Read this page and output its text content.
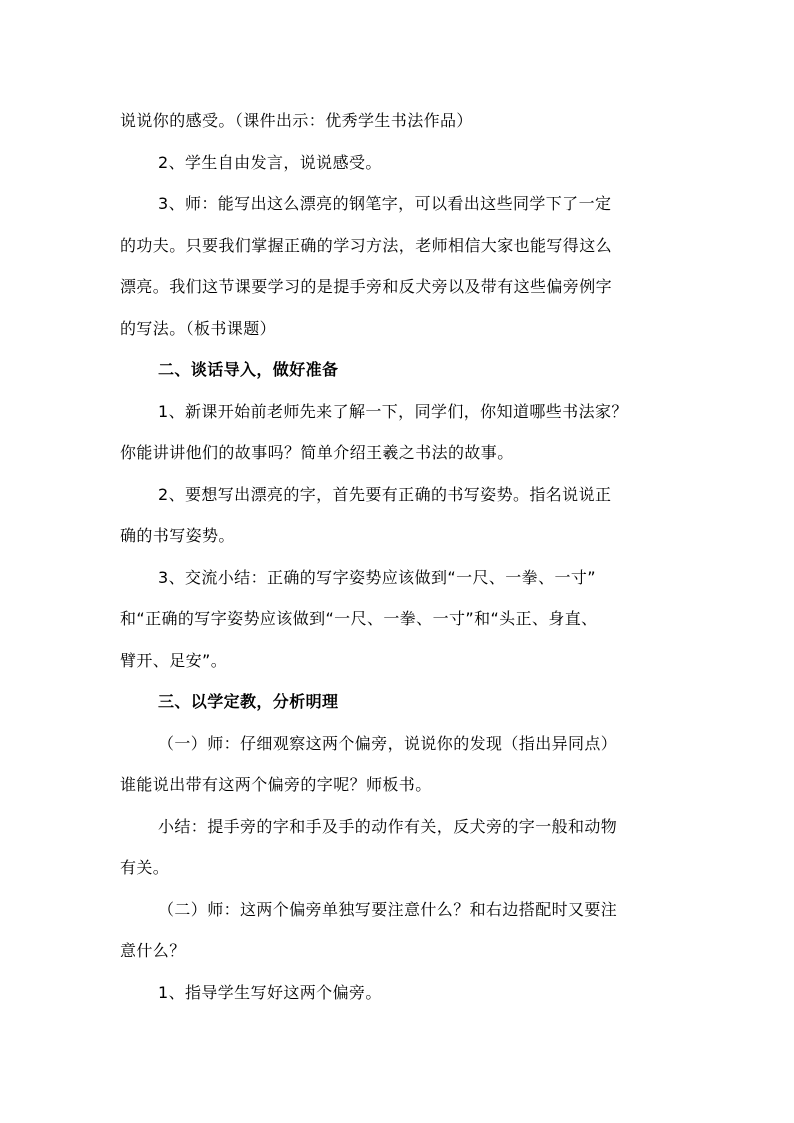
说说你的感受。（课件出示：优秀学生书法作品）
2、学生自由发言，说说感受。
3、师：能写出这么漂亮的钢笔字，可以看出这些同学下了一定
的功夫。只要我们掌握正确的学习方法，老师相信大家也能写得这么
漂亮。我们这节课要学习的是提手旁和反犬旁以及带有这些偏旁例字
的写法。（板书课题）
二、谈话导入，做好准备
1、新课开始前老师先来了解一下，同学们，你知道哪些书法家？
你能讲讲他们的故事吗？简单介绍王羲之书法的故事。
2、要想写出漂亮的字，首先要有正确的书写姿势。指名说说正
确的书写姿势。
3、交流小结：正确的写字姿势应该做到“一尺、一拳、一寸”
和“正确的写字姿势应该做到“一尺、一拳、一寸”和“头正、身直、
臂开、足安”。
三、以学定教，分析明理
（一）师：仔细观察这两个偏旁，说说你的发现（指出异同点）
谁能说出带有这两个偏旁的字呢？师板书。
小结：提手旁的字和手及手的动作有关，反犬旁的字一般和动物
有关。
（二）师：这两个偏旁单独写要注意什么？和右边搭配时又要注
意什么？
1、指导学生写好这两个偏旁。
